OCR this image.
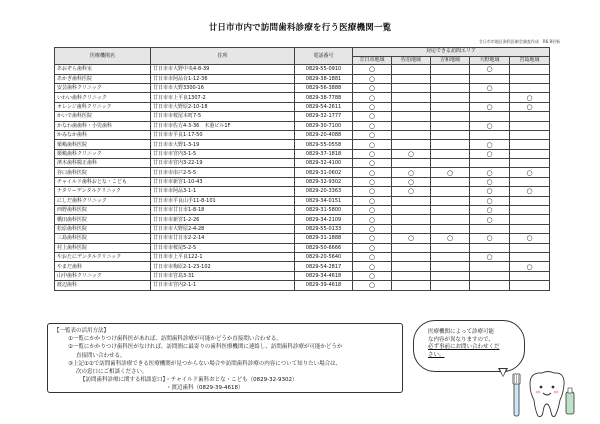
廿日市市内で訪問歯科診療を行う医療機関一覧
廿日市市地区歯科医師会調査作成　R6.8更新
医療機関名	住所	電話番号	対応できる訪問エリア				
			廿日市地域	佐伯地域	吉和地域	大野地域	宮島地域
あおぞら歯科室	廿日市市大野中央4-8-39	0829-55-0910	○			○	
あかぎ歯科医院	廿日市市阿品台1-12-36	0829-38-1881	○				
安芸歯科クリニック	廿日市市大野3300-16	0829-56-3888	○			○	
いわい歯科クリニック	廿日市市上平良1307-2	0829-38-7788	○				○
オレンジ歯科クリニック	廿日市市大野原2-10-18	0829-54-2611	○			○	○
かいで歯科医院	廿日市市桜尾本町7-5	0829-32-1777	○				
かなわ歯歯科・小児歯科	廿日市市佐方4-3-36　木港ビル1F	0829-30-7100	○			○	
かみなか歯科	廿日市市平良1-17-50	0829-20-4088	○				
栗嶋歯科医院	廿日市市大野1-3-19	0829-55-0558	○			○	
栗嶋歯科クリニック	廿日市市宮内3-1-5	0829-37-1818	○	○		○	
濱木歯科醫正歯科	廿日市市宮内3-22-19	0829-32-4100	○				
谷口歯科医院	廿日市市串戸2-5-5	0829-31-0602	○	○	○	○	○
チャイルド歯科おとな・こども	廿日市市新宮1-10-43	0829-32-9302	○	○		○	
ナタリーデンタルクリニック	廿日市市阿品3-1-1	0829-20-3363	○	○		○	○
にしだ歯科クリニック	廿日市市平良山手11-8-101	0829-34-0151	○			○	
西野歯科医院	廿日市市廿日市1-8-18	0829-31-5800	○			○	
橋田歯科医院	廿日市市新宮1-2-26	0829-34-2109	○			○	
松原歯科医院	廿日市市大野原2-4-28	0829-55-0133	○				
三島歯科医院	廿日市市廿日市2-2-14	0829-31-1888	○	○	○	○	○
村上歯科医院	廿日市市桜尾5-2-5	0829-50-6666	○				
やおたにデンタルクリニック	廿日市市上平良122-1	0829-20-5640	○			○	
やまだ歯科	廿日市市梅原2-1-23-102	0829-54-2817	○				○
山中歯科クリニック	廿日市市宮島3-31	0829-34-4618	○				
渡辺歯科	廿日市市宮内2-1-1	0829-39-4618	○				
【一覧表の活用方法】
①一覧にかかりつけ歯科医があれば、訪問歯科診療が可能かどうか直接問い合わせる。
②一覧にかかりつけ歯科医がなければ、訪問圏に最寄りの歯科医療機関に連絡し、訪問歯科診療が可能かどうか
直接問い合わせる。
③上記①②で訪問歯科診療できる医療機関が見つからない場合や訪問歯科診療の内容について知りたい場合は、
次の窓口にご相談ください。
【訪問歯科診療に関する相談窓口】・チャイルド歯科おとな・こども（0829-32-9302）
・渡辺歯科（0829-39-4618）
医療機関によって診療可能
な内容が異なりますので、
必ず事前にお問い合わせくだ
さい。
